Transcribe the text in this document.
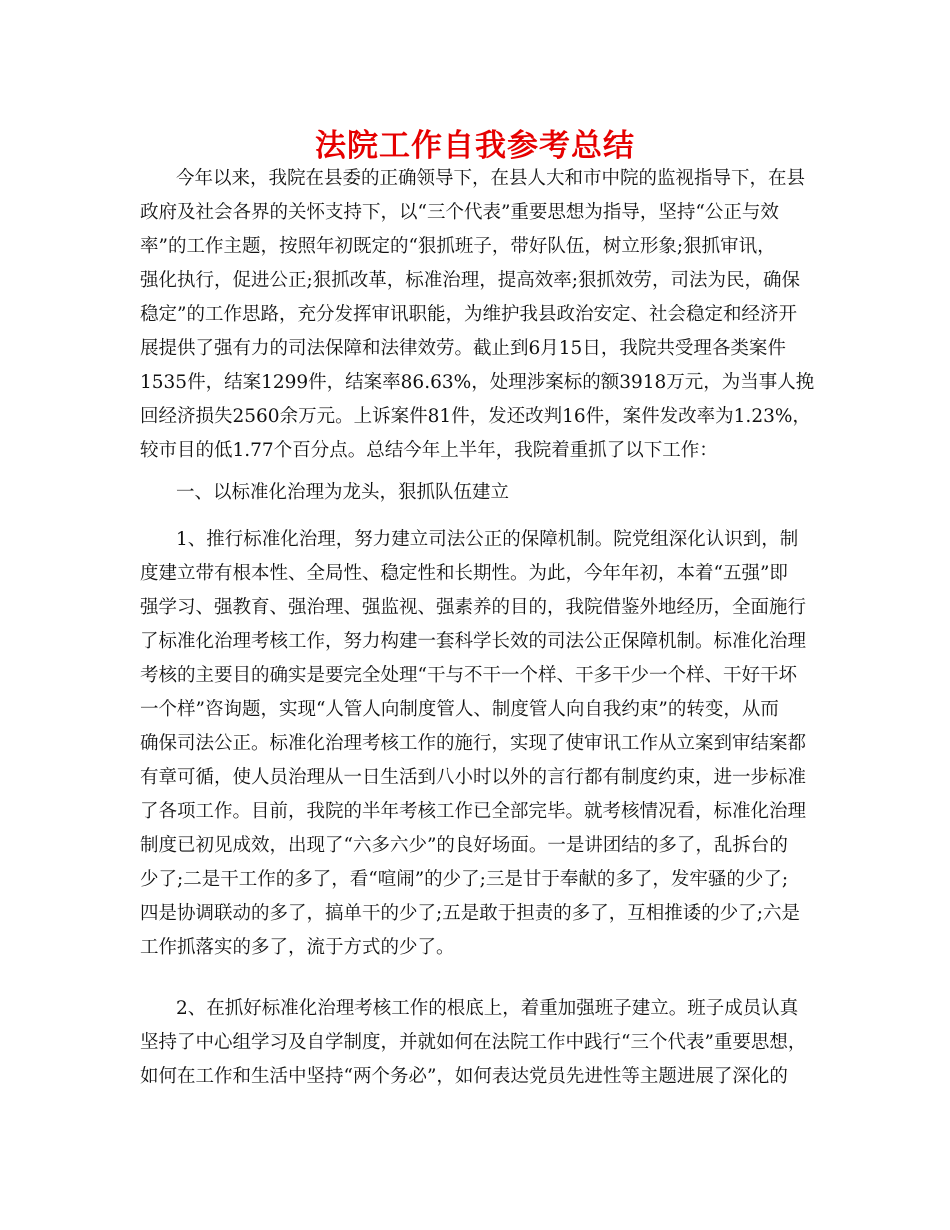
法院工作自我参考总结
今年以来，我院在县委的正确领导下，在县人大和市中院的监视指导下，在县
政府及社会各界的关怀支持下，以“三个代表”重要思想为指导，坚持“公正与效
率”的工作主题，按照年初既定的“狠抓班子，带好队伍，树立形象;狠抓审讯，
强化执行，促进公正;狠抓改革，标准治理，提高效率;狠抓效劳，司法为民，确保
稳定”的工作思路，充分发挥审讯职能，为维护我县政治安定、社会稳定和经济开
展提供了强有力的司法保障和法律效劳。截止到6月15日，我院共受理各类案件
1535件，结案1299件，结案率86.63%，处理涉案标的额3918万元，为当事人挽
回经济损失2560余万元。上诉案件81件，发还改判16件，案件发改率为1.23%，
较市目的低1.77个百分点。总结今年上半年，我院着重抓了以下工作：
一、以标准化治理为龙头，狠抓队伍建立
1、推行标准化治理，努力建立司法公正的保障机制。院党组深化认识到，制
度建立带有根本性、全局性、稳定性和长期性。为此，今年年初，本着“五强”即
强学习、强教育、强治理、强监视、强素养的目的，我院借鉴外地经历，全面施行
了标准化治理考核工作，努力构建一套科学长效的司法公正保障机制。标准化治理
考核的主要目的确实是要完全处理“干与不干一个样、干多干少一个样、干好干坏
一个样”咨询题，实现“人管人向制度管人、制度管人向自我约束”的转变，从而
确保司法公正。标准化治理考核工作的施行，实现了使审讯工作从立案到审结案都
有章可循，使人员治理从一日生活到八小时以外的言行都有制度约束，进一步标准
了各项工作。目前，我院的半年考核工作已全部完毕。就考核情况看，标准化治理
制度已初见成效，出现了“六多六少”的良好场面。一是讲团结的多了，乱拆台的
少了;二是干工作的多了，看“喧闹”的少了;三是甘于奉献的多了，发牢骚的少了;
四是协调联动的多了，搞单干的少了;五是敢于担责的多了，互相推诿的少了;六是
工作抓落实的多了，流于方式的少了。
2、在抓好标准化治理考核工作的根底上，着重加强班子建立。班子成员认真
坚持了中心组学习及自学制度，并就如何在法院工作中践行“三个代表”重要思想，
如何在工作和生活中坚持“两个务必”，如何表达党员先进性等主题进展了深化的
